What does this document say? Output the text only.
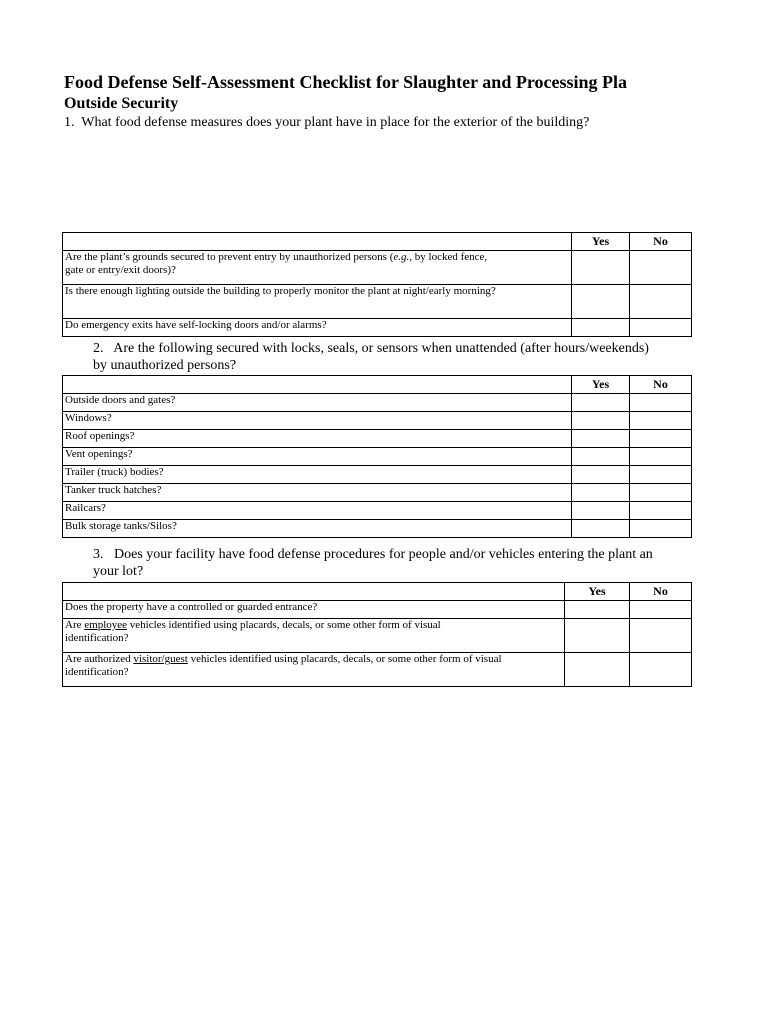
Food Defense Self-Assessment Checklist for Slaughter and Processing Pla
Outside Security
1. What food defense measures does your plant have in place for the exterior of the building?
	Yes	No
Are the plant’s grounds secured to prevent entry by unauthorized persons (e.g., by locked fence,
gate or entry/exit doors)?		
Is there enough lighting outside the building to properly monitor the plant at night/early morning?		
Do emergency exits have self-locking doors and/or alarms?		
2. Are the following secured with locks, seals, or sensors when unattended (after hours/weekends)
by unauthorized persons?
	Yes	No
Outside doors and gates?		
Windows?		
Roof openings?		
Vent openings?		
Trailer (truck) bodies?		
Tanker truck hatches?		
Railcars?		
Bulk storage tanks/Silos?		
3. Does your facility have food defense procedures for people and/or vehicles entering the plant an
your lot?
	Yes	No
Does the property have a controlled or guarded entrance?		
Are employee vehicles identified using placards, decals, or some other form of visual
identification?		
Are authorized visitor/guest vehicles identified using placards, decals, or some other form of visual
identification?		
